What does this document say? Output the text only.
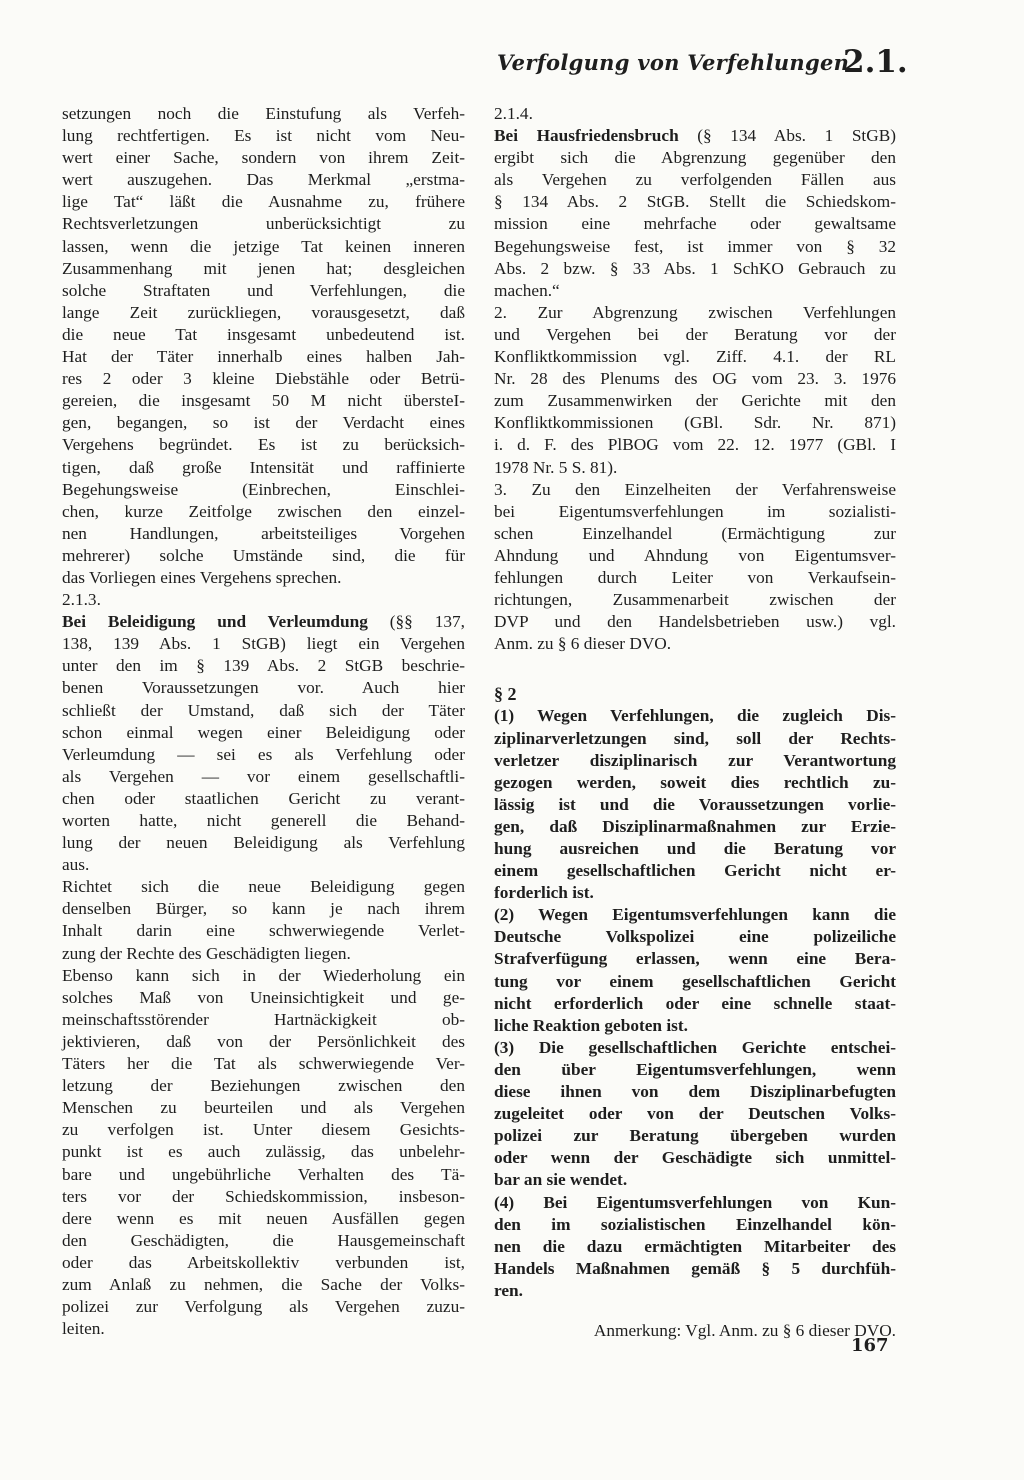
Verfolgung von Verfehlungen
2.1.
setzungen noch die Einstufung als Verfeh-
lung rechtfertigen. Es ist nicht vom Neu-
wert einer Sache, sondern von ihrem Zeit-
wert auszugehen. Das Merkmal „erstma-
lige Tat“ läßt die Ausnahme zu, frühere
Rechtsverletzungen unberücksichtigt zu
lassen, wenn die jetzige Tat keinen inneren
Zusammenhang mit jenen hat; desgleichen
solche Straftaten und Verfehlungen, die
lange Zeit zurückliegen, vorausgesetzt, daß
die neue Tat insgesamt unbedeutend ist.
Hat der Täter innerhalb eines halben Jah-
res 2 oder 3 kleine Diebstähle oder Betrü-
gereien, die insgesamt 50 M nicht übersteI-
gen, begangen, so ist der Verdacht eines
Vergehens begründet. Es ist zu berücksich-
tigen, daß große Intensität und raffinierte
Begehungsweise (Einbrechen, Einschlei-
chen, kurze Zeitfolge zwischen den einzel-
nen Handlungen, arbeitsteiliges Vorgehen
mehrerer) solche Umstände sind, die für
das Vorliegen eines Vergehens sprechen.
2.1.3.
Bei Beleidigung und Verleumdung (§§ 137,
138, 139 Abs. 1 StGB) liegt ein Vergehen
unter den im § 139 Abs. 2 StGB beschrie-
benen Voraussetzungen vor. Auch hier
schließt der Umstand, daß sich der Täter
schon einmal wegen einer Beleidigung oder
Verleumdung — sei es als Verfehlung oder
als Vergehen — vor einem gesellschaftli-
chen oder staatlichen Gericht zu verant-
worten hatte, nicht generell die Behand-
lung der neuen Beleidigung als Verfehlung
aus.
Richtet sich die neue Beleidigung gegen
denselben Bürger, so kann je nach ihrem
Inhalt darin eine schwerwiegende Verlet-
zung der Rechte des Geschädigten liegen.
Ebenso kann sich in der Wiederholung ein
solches Maß von Uneinsichtigkeit und ge-
meinschaftsstörender Hartnäckigkeit ob-
jektivieren, daß von der Persönlichkeit des
Täters her die Tat als schwerwiegende Ver-
letzung der Beziehungen zwischen den
Menschen zu beurteilen und als Vergehen
zu verfolgen ist. Unter diesem Gesichts-
punkt ist es auch zulässig, das unbelehr-
bare und ungebührliche Verhalten des Tä-
ters vor der Schiedskommission, insbeson-
dere wenn es mit neuen Ausfällen gegen
den Geschädigten, die Hausgemeinschaft
oder das Arbeitskollektiv verbunden ist,
zum Anlaß zu nehmen, die Sache der Volks-
polizei zur Verfolgung als Vergehen zuzu-
leiten.
2.1.4.
Bei Hausfriedensbruch (§ 134 Abs. 1 StGB)
ergibt sich die Abgrenzung gegenüber den
als Vergehen zu verfolgenden Fällen aus
§ 134 Abs. 2 StGB. Stellt die Schiedskom-
mission eine mehrfache oder gewaltsame
Begehungsweise fest, ist immer von § 32
Abs. 2 bzw. § 33 Abs. 1 SchKO Gebrauch zu
machen.“
2. Zur Abgrenzung zwischen Verfehlungen
und Vergehen bei der Beratung vor der
Konfliktkommission vgl. Ziff. 4.1. der RL
Nr. 28 des Plenums des OG vom 23. 3. 1976
zum Zusammenwirken der Gerichte mit den
Konfliktkommissionen (GBl. Sdr. Nr. 871)
i. d. F. des PlBOG vom 22. 12. 1977 (GBl. I
1978 Nr. 5 S. 81).
3. Zu den Einzelheiten der Verfahrensweise
bei Eigentumsverfehlungen im sozialisti-
schen Einzelhandel (Ermächtigung zur
Ahndung und Ahndung von Eigentumsver-
fehlungen durch Leiter von Verkaufsein-
richtungen, Zusammenarbeit zwischen der
DVP und den Handelsbetrieben usw.) vgl.
Anm. zu § 6 dieser DVO.
§ 2
(1) Wegen Verfehlungen, die zugleich Dis-
ziplinarverletzungen sind, soll der Rechts-
verletzer disziplinarisch zur Verantwortung
gezogen werden, soweit dies rechtlich zu-
lässig ist und die Voraussetzungen vorlie-
gen, daß Disziplinarmaßnahmen zur Erzie-
hung ausreichen und die Beratung vor
einem gesellschaftlichen Gericht nicht er-
forderlich ist.
(2) Wegen Eigentumsverfehlungen kann die
Deutsche Volkspolizei eine polizeiliche
Strafverfügung erlassen, wenn eine Bera-
tung vor einem gesellschaftlichen Gericht
nicht erforderlich oder eine schnelle staat-
liche Reaktion geboten ist.
(3) Die gesellschaftlichen Gerichte entschei-
den über Eigentumsverfehlungen, wenn
diese ihnen von dem Disziplinarbefugten
zugeleitet oder von der Deutschen Volks-
polizei zur Beratung übergeben wurden
oder wenn der Geschädigte sich unmittel-
bar an sie wendet.
(4) Bei Eigentumsverfehlungen von Kun-
den im sozialistischen Einzelhandel kön-
nen die dazu ermächtigten Mitarbeiter des
Handels Maßnahmen gemäß § 5 durchfüh-
ren.
Anmerkung: Vgl. Anm. zu § 6 dieser DVO.
167
